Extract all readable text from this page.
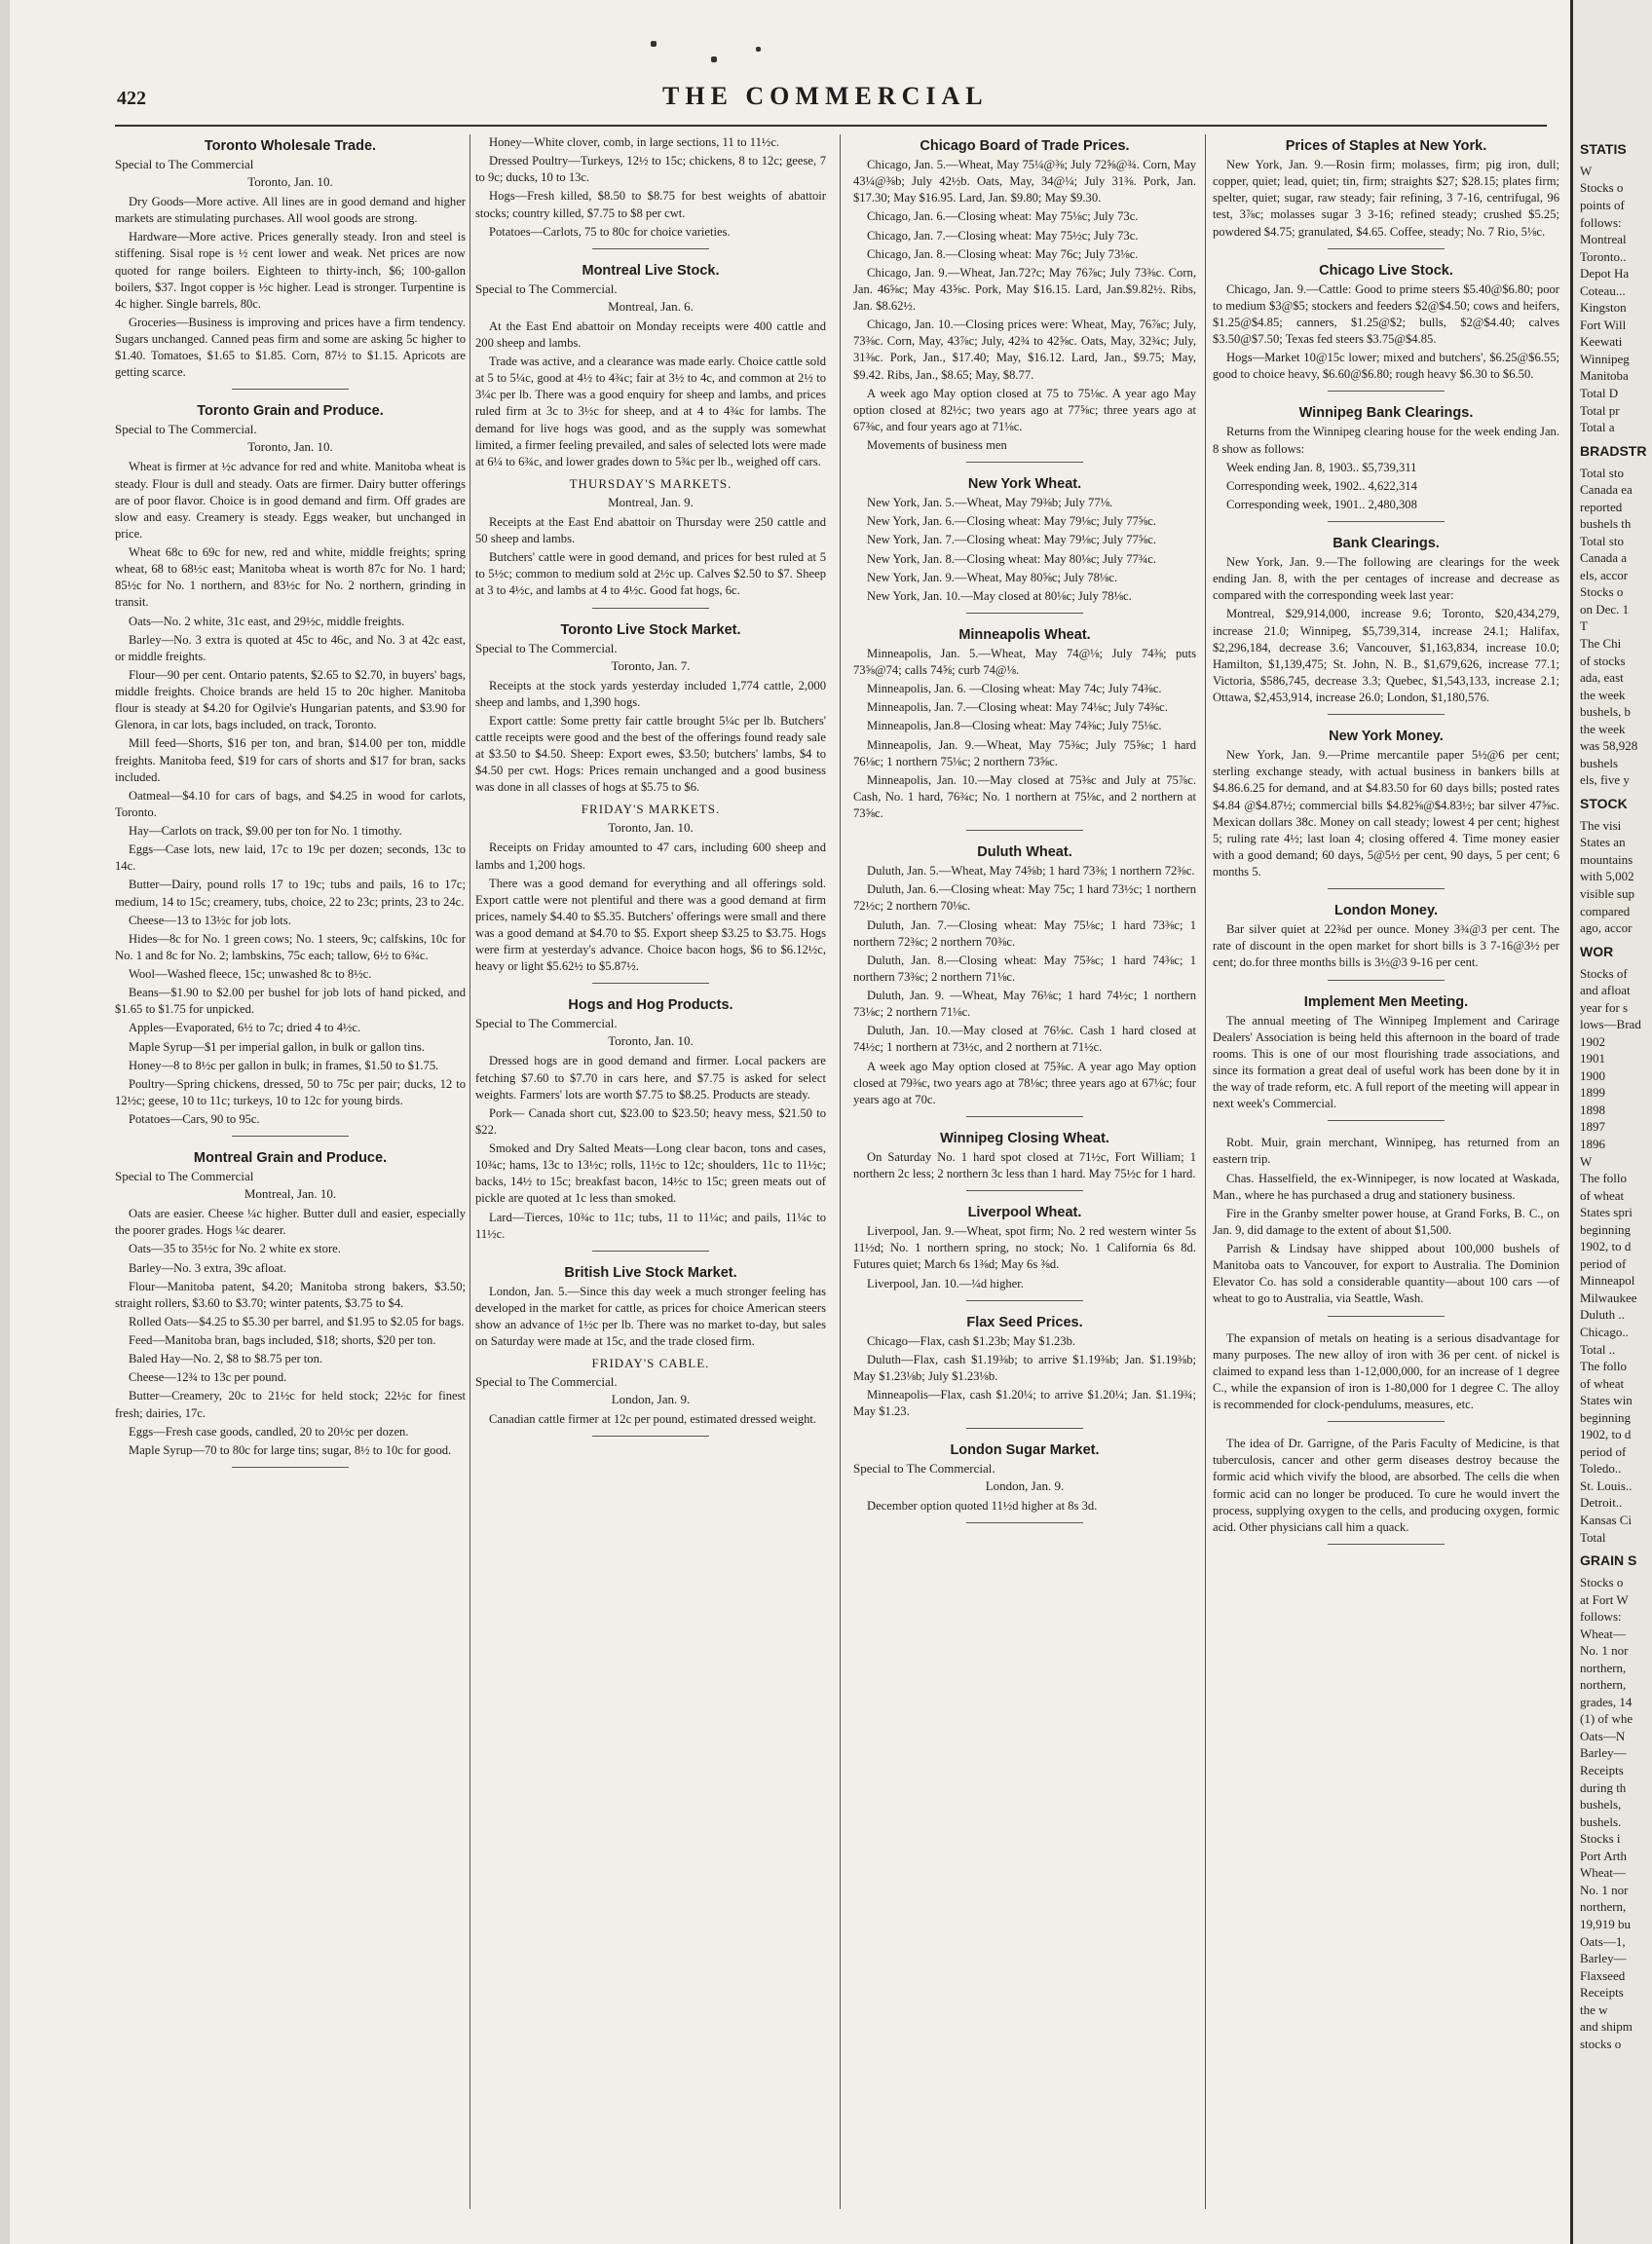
422	THE COMMERCIAL
Toronto Wholesale Trade.

Special to The Commercial

Toronto, Jan. 10.

Dry Goods—More active. All lines are in good demand and higher markets are stimulating purchases. All wool goods are strong.

Hardware—More active. Prices generally steady. Iron and steel is stiffening. Sisal rope is ½ cent lower and weak. Net prices are now quoted for range boilers. Eighteen to thirty-inch, $6; 100-gallon boilers, $37. Ingot copper is ½c higher. Lead is stronger. Turpentine is 4c higher. Single barrels, 80c.

Groceries—Business is improving and prices have a firm tendency. Sugars unchanged. Canned peas firm and some are asking 5c higher to $1.40. Tomatoes, $1.65 to $1.85. Corn, 87½ to $1.15. Apricots are getting scarce.

Toronto Grain and Produce.

Special to The Commercial.

Toronto, Jan. 10.

Wheat is firmer at ½c advance for red and white. Manitoba wheat is steady. Flour is dull and steady. Oats are firmer. Dairy butter offerings are of poor flavor. Choice is in good demand and firm. Off grades are slow and easy. Creamery is steady. Eggs weaker, but unchanged in price.

Wheat 68c to 69c for new, red and white, middle freights; spring wheat, 68 to 68½c east; Manitoba wheat is worth 87c for No. 1 hard; 85½c for No. 1 northern, and 83½c for No. 2 northern, grinding in transit.

Oats—No. 2 white, 31c east, and 29½c, middle freights.

Barley—No. 3 extra is quoted at 45c to 46c, and No. 3 at 42c east, or middle freights.

Flour—90 per cent. Ontario patents, $2.65 to $2.70, in buyers' bags, middle freights. Choice brands are held 15 to 20c higher. Manitoba flour is steady at $4.20 for Ogilvie's Hungarian patents, and $3.90 for Glenora, in car lots, bags included, on track, Toronto.

Mill feed—Shorts, $16 per ton, and bran, $14.00 per ton, middle freights. Manitoba feed, $19 for cars of shorts and $17 for bran, sacks included.

Oatmeal—$4.10 for cars of bags, and $4.25 in wood for carlots, Toronto.

Hay—Carlots on track, $9.00 per ton for No. 1 timothy.

Eggs—Case lots, new laid, 17c to 19c per dozen; seconds, 13c to 14c.

Butter—Dairy, pound rolls 17 to 19c; tubs and pails, 16 to 17c; medium, 14 to 15c; creamery, tubs, choice, 22 to 23c; prints, 23 to 24c.

Cheese—13 to 13½c for job lots.

Hides—8c for No. 1 green cows; No. 1 steers, 9c; calfskins, 10c for No. 1 and 8c for No. 2; lambskins, 75c each; tallow, 6½ to 6¾c.

Wool—Washed fleece, 15c; unwashed 8c to 8½c.

Beans—$1.90 to $2.00 per bushel for job lots of hand picked, and $1.65 to $1.75 for unpicked.

Apples—Evaporated, 6½ to 7c; dried 4 to 4½c.

Maple Syrup—$1 per imperial gallon, in bulk or gallon tins.

Honey—8 to 8½c per gallon in bulk; in frames, $1.50 to $1.75.

Poultry—Spring chickens, dressed, 50 to 75c per pair; ducks, 12 to 12½c; geese, 10 to 11c; turkeys, 10 to 12c for young birds.

Potatoes—Cars, 90 to 95c.

Montreal Grain and Produce.

Special to The Commercial

Montreal, Jan. 10.

Oats are easier. Cheese ¼c higher. Butter dull and easier, especially the poorer grades. Hogs ¼c dearer.

Oats—35 to 35½c for No. 2 white ex store.

Barley—No. 3 extra, 39c afloat.

Flour—Manitoba patent, $4.20; Manitoba strong bakers, $3.50; straight rollers, $3.60 to $3.70; winter patents, $3.75 to $4.

Rolled Oats—$4.25 to $5.30 per barrel, and $1.95 to $2.05 for bags.

Feed—Manitoba bran, bags included, $18; shorts, $20 per ton.

Baled Hay—No. 2, $8 to $8.75 per ton.

Cheese—12¾ to 13c per pound.

Butter—Creamery, 20c to 21½c for held stock; 22½c for finest fresh; dairies, 17c.

Eggs—Fresh case goods, candled, 20 to 20½c per dozen.

Maple Syrup—70 to 80c for large tins; sugar, 8½ to 10c for good.

Honey—White clover, comb, in large sections, 11 to 11½c.

Dressed Poultry—Turkeys, 12½ to 15c; chickens, 8 to 12c; geese, 7 to 9c; ducks, 10 to 13c.

Hogs—Fresh killed, $8.50 to $8.75 for best weights of abattoir stocks; country killed, $7.75 to $8 per cwt.

Potatoes—Carlots, 75 to 80c for choice varieties.

Montreal Live Stock.

Special to The Commercial.

Montreal, Jan. 6.

At the East End abattoir on Monday receipts were 400 cattle and 200 sheep and lambs.

Trade was active, and a clearance was made early. Choice cattle sold at 5 to 5¼c, good at 4½ to 4¾c; fair at 3½ to 4c, and common at 2½ to 3¼c per lb. There was a good enquiry for sheep and lambs, and prices ruled firm at 3c to 3½c for sheep, and at 4 to 4¾c for lambs. The demand for live hogs was good, and as the supply was somewhat limited, a firmer feeling prevailed, and sales of selected lots were made at 6¼ to 6¾c, and lower grades down to 5¾c per lb., weighed off cars.

THURSDAY'S MARKETS.

Montreal, Jan. 9.

Receipts at the East End abattoir on Thursday were 250 cattle and 50 sheep and lambs.

Butchers' cattle were in good demand, and prices for best ruled at 5 to 5½c; common to medium sold at 2½c up. Calves $2.50 to $7. Sheep at 3 to 4½c, and lambs at 4 to 4½c. Good fat hogs, 6c.

Toronto Live Stock Market.

Special to The Commercial.

Toronto, Jan. 7.

Receipts at the stock yards yesterday included 1,774 cattle, 2,000 sheep and lambs, and 1,390 hogs.

Export cattle: Some pretty fair cattle brought 5¼c per lb. Butchers' cattle receipts were good and the best of the offerings found ready sale at $3.50 to $4.50. Sheep: Export ewes, $3.50; butchers' lambs, $4 to $4.50 per cwt. Hogs: Prices remain unchanged and a good business was done in all classes of hogs at $5.75 to $6.

FRIDAY'S MARKETS.

Toronto, Jan. 10.

Receipts on Friday amounted to 47 cars, including 600 sheep and lambs and 1,200 hogs.

There was a good demand for everything and all offerings sold. Export cattle were not plentiful and there was a good demand at firm prices, namely $4.40 to $5.35. Butchers' offerings were small and there was a good demand at $4.70 to $5. Export sheep $3.25 to $3.75. Hogs were firm at yesterday's advance. Choice bacon hogs, $6 to $6.12½c, heavy or light $5.62½ to $5.87½.

Hogs and Hog Products.

Special to The Commercial.

Toronto, Jan. 10.

Dressed hogs are in good demand and firmer. Local packers are fetching $7.60 to $7.70 in cars here, and $7.75 is asked for select weights. Farmers' lots are worth $7.75 to $8.25. Products are steady.

Pork— Canada short cut, $23.00 to $23.50; heavy mess, $21.50 to $22.

Smoked and Dry Salted Meats—Long clear bacon, tons and cases, 10¾c; hams, 13c to 13½c; rolls, 11½c to 12c; shoulders, 11c to 11½c; backs, 14½ to 15c; breakfast bacon, 14½c to 15c; green meats out of pickle are quoted at 1c less than smoked.

Lard—Tierces, 10¾c to 11c; tubs, 11 to 11¼c; and pails, 11¼c to 11½c.

British Live Stock Market.

London, Jan. 5.—Since this day week a much stronger feeling has developed in the market for cattle, as prices for choice American steers show an advance of 1½c per lb. There was no market to-day, but sales on Saturday were made at 15c, and the trade closed firm.

FRIDAY'S CABLE.

Special to The Commercial.

London, Jan. 9.

Canadian cattle firmer at 12c per pound, estimated dressed weight.

Chicago Board of Trade Prices.

Chicago, Jan. 5.—Wheat, May 75¼@⅜; July 72⅝@¾. Corn, May 43¼@⅜b; July 42½b. Oats, May, 34@¼; July 31⅜. Pork, Jan. $17.30; May $16.95. Lard, Jan. $9.80; May $9.30.

Chicago, Jan. 6.—Closing wheat: May 75⅛c; July 73c.

Chicago, Jan. 7.—Closing wheat: May 75½c; July 73c.

Chicago, Jan. 8.—Closing wheat: May 76c; July 73⅛c.

Chicago, Jan. 9.—Wheat, Jan.72?c; May 76⅞c; July 73⅜c. Corn, Jan. 46⅝c; May 43⅝c. Pork, May $16.15. Lard, Jan.$9.82½. Ribs, Jan. $8.62½.

Chicago, Jan. 10.—Closing prices were: Wheat, May, 76⅞c; July, 73⅜c. Corn, May, 43⅞c; July, 42¾ to 42⅝c. Oats, May, 32¾c; July, 31⅜c. Pork, Jan., $17.40; May, $16.12. Lard, Jan., $9.75; May, $9.42. Ribs, Jan., $8.65; May, $8.77.

A week ago May option closed at 75 to 75⅛c. A year ago May option closed at 82½c; two years ago at 77⅝c; three years ago at 67⅜c, and four years ago at 71⅛c.

Movements of business men

New York Wheat.

New York, Jan. 5.—Wheat, May 79⅜b; July 77⅛.

New York, Jan. 6.—Closing wheat: May 79⅛c; July 77⅝c.

New York, Jan. 7.—Closing wheat: May 79⅛c; July 77⅝c.

New York, Jan. 8.—Closing wheat: May 80⅛c; July 77¾c.

New York, Jan. 9.—Wheat, May 80⅝c; July 78⅛c.

New York, Jan. 10.—May closed at 80⅛c; July 78⅛c.

Minneapolis Wheat.

Minneapolis, Jan. 5.—Wheat, May 74@⅛; July 74⅜; puts 73⅝@74; calls 74⅝; curb 74@⅛.

Minneapolis, Jan. 6. —Closing wheat: May 74c; July 74⅜c.

Minneapolis, Jan. 7.—Closing wheat: May 74⅛c; July 74⅜c.

Minneapolis, Jan.8—Closing wheat: May 74⅜c; July 75⅛c.

Minneapolis, Jan. 9.—Wheat, May 75⅜c; July 75⅝c; 1 hard 76⅛c; 1 northern 75⅛c; 2 northern 73⅝c.

Minneapolis, Jan. 10.—May closed at 75⅜c and July at 75⅞c. Cash, No. 1 hard, 76¾c; No. 1 northern at 75⅛c, and 2 northern at 73⅝c.

Duluth Wheat.

Duluth, Jan. 5.—Wheat, May 74⅝b; 1 hard 73⅜; 1 northern 72⅜c.

Duluth, Jan. 6.—Closing wheat: May 75c; 1 hard 73½c; 1 northern 72½c; 2 northern 70⅛c.

Duluth, Jan. 7.—Closing wheat: May 75⅛c; 1 hard 73⅜c; 1 northern 72⅜c; 2 northern 70⅜c.

Duluth, Jan. 8.—Closing wheat: May 75⅜c; 1 hard 74⅜c; 1 northern 73⅜c; 2 northern 71⅛c.

Duluth, Jan. 9. —Wheat, May 76⅛c; 1 hard 74½c; 1 northern 73⅛c; 2 northern 71⅛c.

Duluth, Jan. 10.—May closed at 76⅛c. Cash 1 hard closed at 74½c; 1 northern at 73½c, and 2 northern at 71½c.

A week ago May option closed at 75⅜c. A year ago May option closed at 79⅜c, two years ago at 78⅛c; three years ago at 67⅛c; four years ago at 70c.

Winnipeg Closing Wheat.

On Saturday No. 1 hard spot closed at 71½c, Fort William; 1 northern 2c less; 2 northern 3c less than 1 hard. May 75½c for 1 hard.

Liverpool Wheat.

Liverpool, Jan. 9.—Wheat, spot firm; No. 2 red western winter 5s 11½d; No. 1 northern spring, no stock; No. 1 California 6s 8d. Futures quiet; March 6s 1⅜d; May 6s ⅜d.

Liverpool, Jan. 10.—¼d higher.

Flax Seed Prices.

Chicago—Flax, cash $1.23b; May $1.23b.

Duluth—Flax, cash $1.19⅜b; to arrive $1.19⅜b; Jan. $1.19⅜b; May $1.23⅛b; July $1.23⅛b.

Minneapolis—Flax, cash $1.20¼; to arrive $1.20¼; Jan. $1.19¾; May $1.23.

London Sugar Market.

Special to The Commercial.

London, Jan. 9.

December option quoted 11½d higher at 8s 3d.

Prices of Staples at New York.

New York, Jan. 9.—Rosin firm; molasses, firm; pig iron, dull; copper, quiet; lead, quiet; tin, firm; straights $27; $28.15; plates firm; spelter, quiet; sugar, raw steady; fair refining, 3 7-16, centrifugal, 96 test, 3⅞c; molasses sugar 3 3-16; refined steady; crushed $5.25; powdered $4.75; granulated, $4.65. Coffee, steady; No. 7 Rio, 5⅛c.

Chicago Live Stock.

Chicago, Jan. 9.—Cattle: Good to prime steers $5.40@$6.80; poor to medium $3@$5; stockers and feeders $2@$4.50; cows and heifers, $1.25@$4.85; canners, $1.25@$2; bulls, $2@$4.40; calves $3.50@$7.50; Texas fed steers $3.75@$4.85.

Hogs—Market 10@15c lower; mixed and butchers', $6.25@$6.55; good to choice heavy, $6.60@$6.80; rough heavy $6.30 to $6.50.

Winnipeg Bank Clearings.

Returns from the Winnipeg clearing house for the week ending Jan. 8 show as follows:

Week ending Jan. 8, 1903.. $5,739,311

Corresponding week, 1902.. 4,622,314

Corresponding week, 1901.. 2,480,308

Bank Clearings.

New York, Jan. 9.—The following are clearings for the week ending Jan. 8, with the per centages of increase and decrease as compared with the corresponding week last year:

Montreal, $29,914,000, increase 9.6; Toronto, $20,434,279, increase 21.0; Winnipeg, $5,739,314, increase 24.1; Halifax, $2,296,184, decrease 3.6; Vancouver, $1,163,834, increase 10.0; Hamilton, $1,139,475; St. John, N. B., $1,679,626, increase 77.1; Victoria, $586,745, decrease 3.3; Quebec, $1,543,133, increase 2.1; Ottawa, $2,453,914, increase 26.0; London, $1,180,576.

New York Money.

New York, Jan. 9.—Prime mercantile paper 5½@6 per cent; sterling exchange steady, with actual business in bankers bills at $4.86.6.25 for demand, and at $4.83.50 for 60 days bills; posted rates $4.84 @$4.87½; commercial bills $4.82⅝@$4.83½; bar silver 47⅝c. Mexican dollars 38c. Money on call steady; lowest 4 per cent; highest 5; ruling rate 4½; last loan 4; closing offered 4. Time money easier with a good demand; 60 days, 5@5½ per cent, 90 days, 5 per cent; 6 months 5.

London Money.

Bar silver quiet at 22⅜d per ounce. Money 3¾@3 per cent. The rate of discount in the open market for short bills is 3 7-16@3½ per cent; do.for three months bills is 3½@3 9-16 per cent.

Implement Men Meeting.

The annual meeting of The Winnipeg Implement and Carirage Dealers' Association is being held this afternoon in the board of trade rooms. This is one of our most flourishing trade associations, and since its formation a great deal of useful work has been done by it in the way of trade reform, etc. A full report of the meeting will appear in next week's Commercial.

Robt. Muir, grain merchant, Winnipeg, has returned from an eastern trip.

Chas. Hasselfield, the ex-Winnipeger, is now located at Waskada, Man., where he has purchased a drug and stationery business.

Fire in the Granby smelter power house, at Grand Forks, B. C., on Jan. 9, did damage to the extent of about $1,500.

Parrish & Lindsay have shipped about 100,000 bushels of Manitoba oats to Vancouver, for export to Australia. The Dominion Elevator Co. has sold a considerable quantity—about 100 cars —of wheat to go to Australia, via Seattle, Wash.

The expansion of metals on heating is a serious disadvantage for many purposes. The new alloy of iron with 36 per cent. of nickel is claimed to expand less than 1-12,000,000, for an increase of 1 degree C., while the expansion of iron is 1-80,000 for 1 degree C. The alloy is recommended for clock-pendulums, measures, etc.

The idea of Dr. Garrigne, of the Paris Faculty of Medicine, is that tuberculosis, cancer and other germ diseases destroy because the formic acid which vivify the blood, are absorbed. The cells die when formic acid can no longer be produced. To cure he would invert the process, supplying oxygen to the cells, and producing oxygen, formic acid. Other physicians call him a quack.

STATIS

W

Stocks o

points of

follows:

Montreal

Toronto..

Depot Ha

Coteau...

Kingston

Fort Will

Keewati

Winnipeg

Manitoba

Total D

Total pr

Total a

BRADSTR

Total sto

Canada ea

reported

bushels th

Total sto

Canada a

els, accor

Stocks o

on Dec. 1

T

The Chi

of stocks

ada, east

the week

bushels, b

the week

was 58,928

bushels

els, five y

STOCK

The visi

States an

mountains

with 5,002

visible sup

compared

ago, accor

WOR

Stocks of

and afloat

year for s

lows—Brad

1902

1901

1900

1899

1898

1897

1896

W

The follo

of wheat

States spri

beginning

1902, to d

period of

Minneapol

Milwaukee

Duluth ..

Chicago..

Total ..

The follo

of wheat

States win

beginning

1902, to d

period of

Toledo..

St. Louis..

Detroit..

Kansas Ci

Total

GRAIN S

Stocks o

at Fort W

follows:

Wheat—

No. 1 nor

northern,

northern,

grades, 14

(1) of whe

Oats—N

Barley—

Receipts

during th

bushels,

bushels.

Stocks i

Port Arth

Wheat—

No. 1 nor

northern,

19,919 bu

Oats—1,

Barley—

Flaxseed

Receipts

the w

and shipm

stocks o
